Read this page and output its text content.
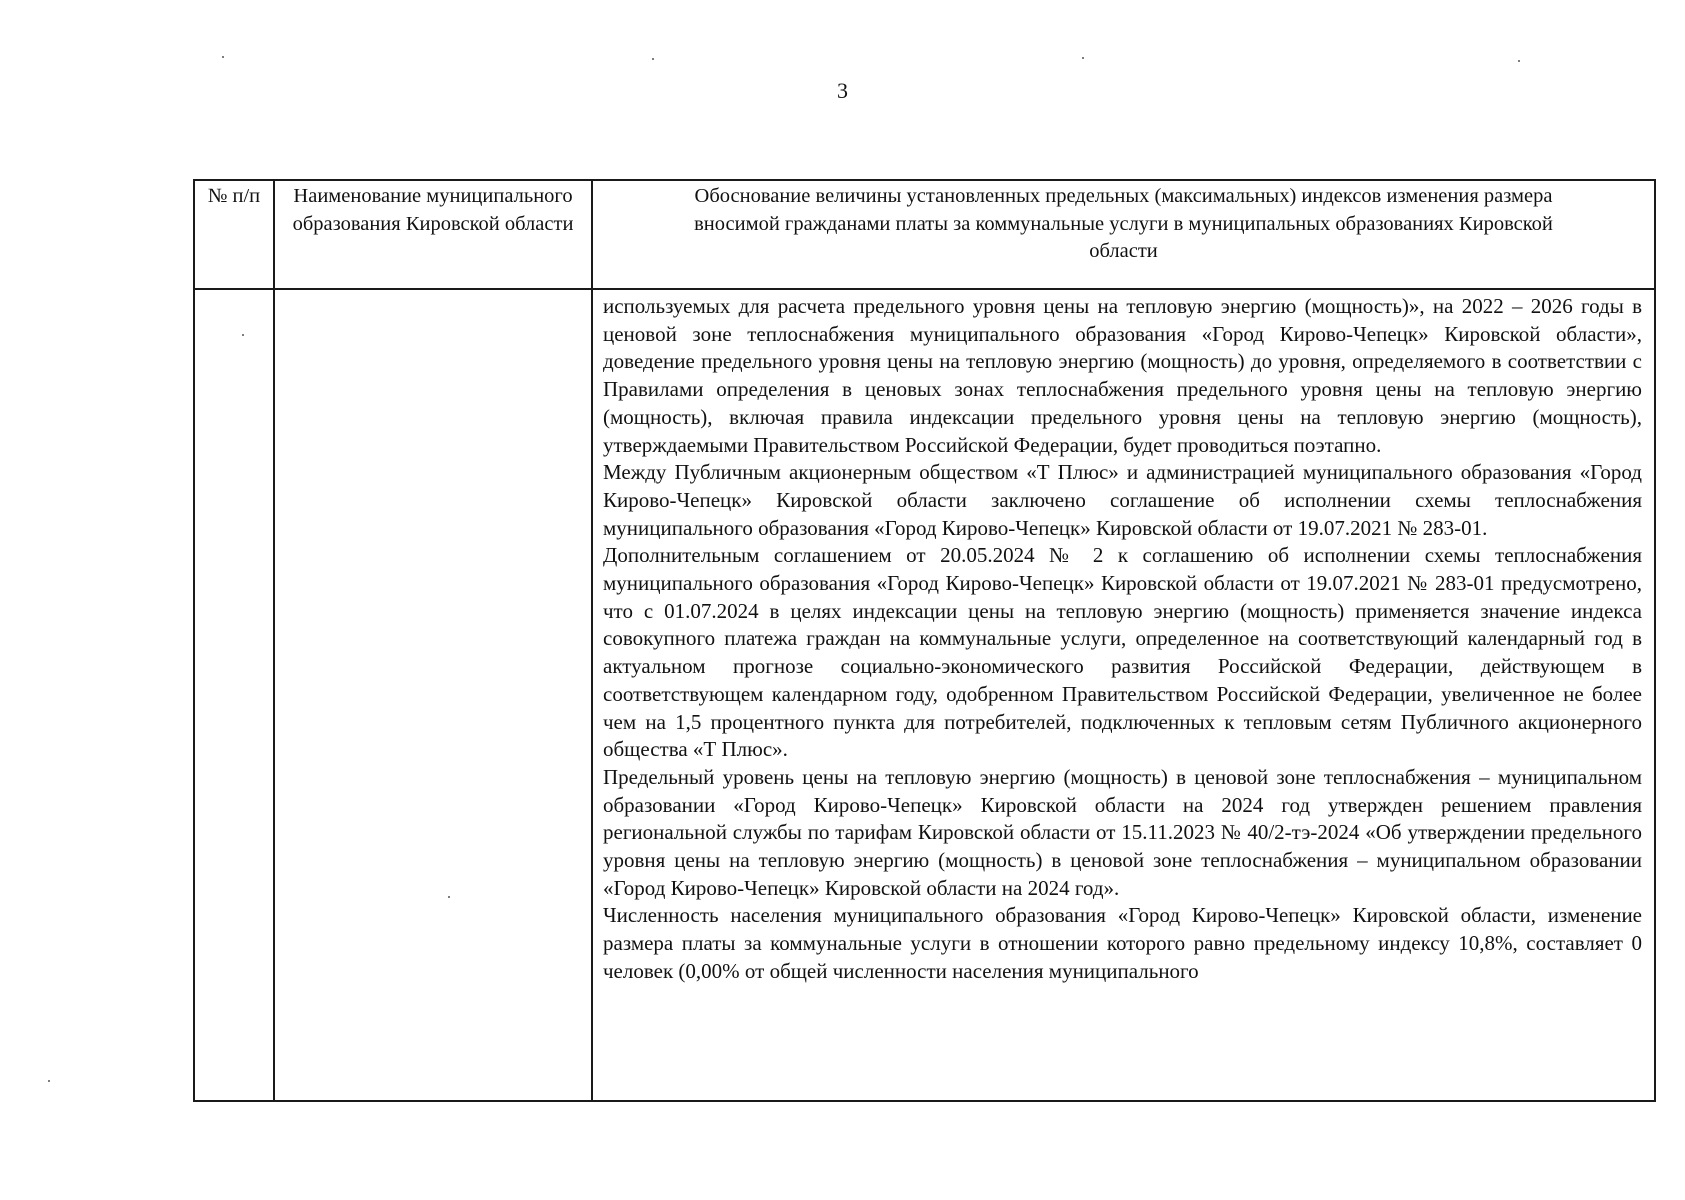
3
№ п/п	Наименование муниципального образования Кировской области	Обоснование величины установленных предельных (максимальных) индексов изменения размера вносимой гражданами платы за коммунальные услуги в муниципальных образованиях Кировской области

		используемых для расчета предельного уровня цены на тепловую энергию (мощность)», на 2022 – 2026 годы в ценовой зоне теплоснабжения муниципального образования «Город Кирово-Чепецк» Кировской области», доведение предельного уровня цены на тепловую энергию (мощность) до уровня, определяемого в соответствии с Правилами определения в ценовых зонах теплоснабжения предельного уровня цены на тепловую энергию (мощность), включая правила индексации предельного уровня цены на тепловую энергию (мощность), утверждаемыми Правительством Российской Федерации, будет проводиться поэтапно.

Между Публичным акционерным обществом «Т Плюс» и администрацией муниципального образования «Город Кирово-Чепецк» Кировской области заключено соглашение об исполнении схемы теплоснабжения муниципального образования «Город Кирово-Чепецк» Кировской области от 19.07.2021 № 283-01.

Дополнительным соглашением от 20.05.2024 № 2 к соглашению об исполнении схемы теплоснабжения муниципального образования «Город Кирово-Чепецк» Кировской области от 19.07.2021 № 283-01 предусмотрено, что с 01.07.2024 в целях индексации цены на тепловую энергию (мощность) применяется значение индекса совокупного платежа граждан на коммунальные услуги, определенное на соответствующий календарный год в актуальном прогнозе социально-экономического развития Российской Федерации, действующем в соответствующем календарном году, одобренном Правительством Российской Федерации, увеличенное не более чем на 1,5 процентного пункта для потребителей, подключенных к тепловым сетям Публичного акционерного общества «Т Плюс».

Предельный уровень цены на тепловую энергию (мощность) в ценовой зоне теплоснабжения – муниципальном образовании «Город Кирово-Чепецк» Кировской области на 2024 год утвержден решением правления региональной службы по тарифам Кировской области от 15.11.2023 № 40/2-тэ-2024 «Об утверждении предельного уровня цены на тепловую энергию (мощность) в ценовой зоне теплоснабжения – муниципальном образовании «Город Кирово-Чепецк» Кировской области на 2024 год».

Численность населения муниципального образования «Город Кирово-Чепецк» Кировской области, изменение размера платы за коммунальные услуги в отношении которого равно предельному индексу 10,8%, составляет 0 человек (0,00% от общей численности населения муниципального
